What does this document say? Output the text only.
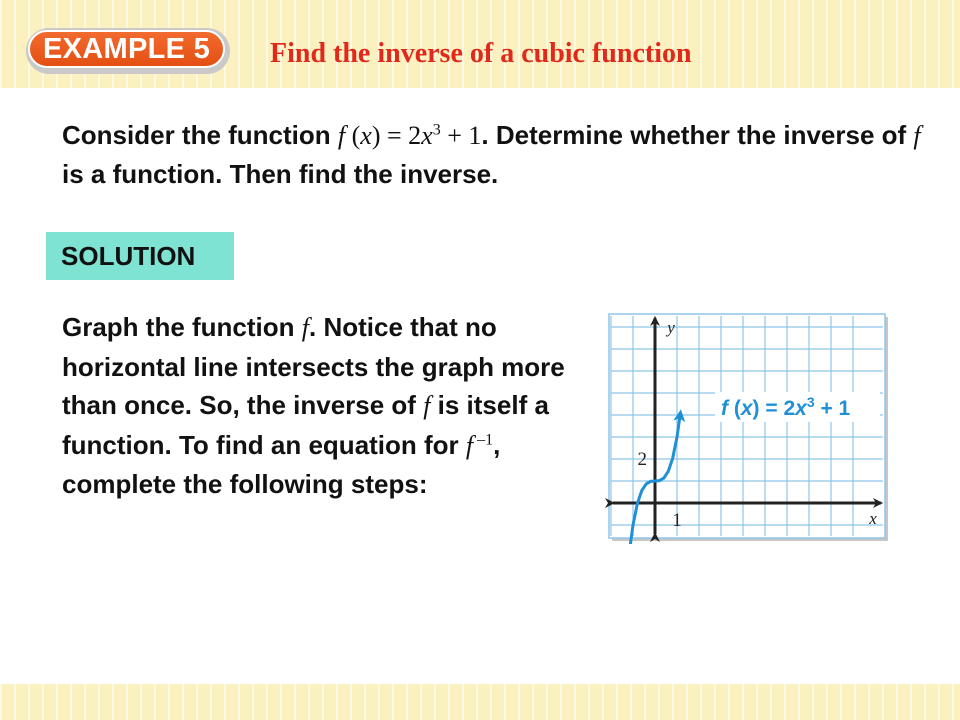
EXAMPLE 5	Find the inverse of a cubic function
Consider the function f $(x) = 2x^3 + 1$. Determine whether the inverse of f is a function. Then find the inverse.
SOLUTION
Graph the function f. Notice that no horizontal line intersects the graph more than once. So, the inverse of f is itself a function. To find an equation for f $^{-1}$, complete the following steps:
f $(x) = 2x^3 + 1$
2
1
y
x
